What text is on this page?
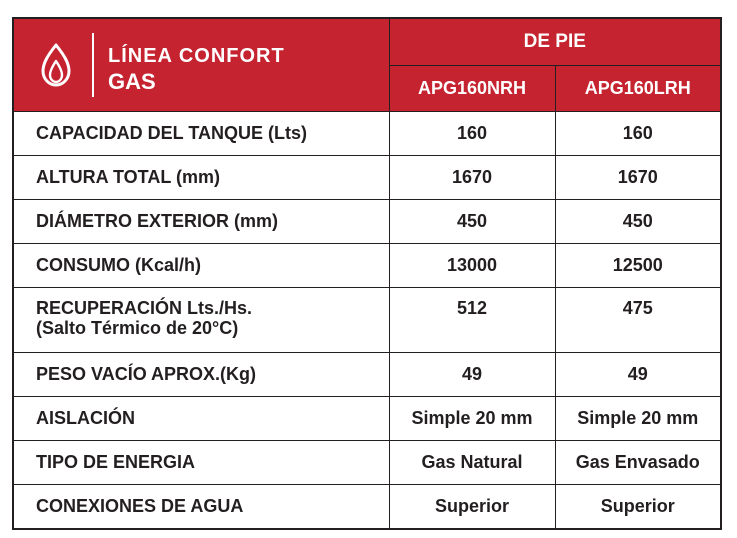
LÍNEA CONFORT
GAS	DE PIE	
	APG160NRH	APG160LRH
CAPACIDAD DEL TANQUE (Lts)	160	160
ALTURA TOTAL (mm)	1670	1670
DIÁMETRO EXTERIOR (mm)	450	450
CONSUMO (Kcal/h)	13000	12500

RECUPERACIÓN Lts./Hs.
(Salto Térmico de 20°C)	512	475
PESO VACÍO APROX.(Kg)	49	49
AISLACIÓN	Simple 20 mm	Simple 20 mm
TIPO DE ENERGIA	Gas Natural	Gas Envasado
CONEXIONES DE AGUA	Superior	Superior
